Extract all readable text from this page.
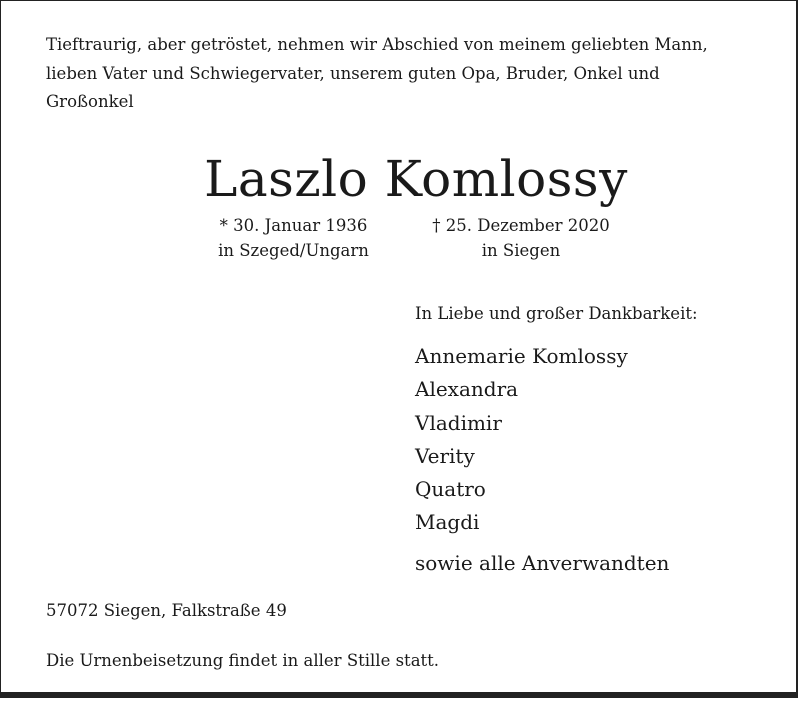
Tieftraurig, aber getröstet, nehmen wir Abschied von meinem geliebten Mann,
lieben Vater und Schwiegervater, unserem guten Opa, Bruder, Onkel und
Großonkel
Laszlo Komlossy
* 30. Januar 1936
in Szeged/Ungarn
† 25. Dezember 2020
in Siegen
In Liebe und großer Dankbarkeit:
Annemarie Komlossy
Alexandra
Vladimir
Verity
Quatro
Magdi
sowie alle Anverwandten
57072 Siegen, Falkstraße 49
Die Urnenbeisetzung findet in aller Stille statt.
